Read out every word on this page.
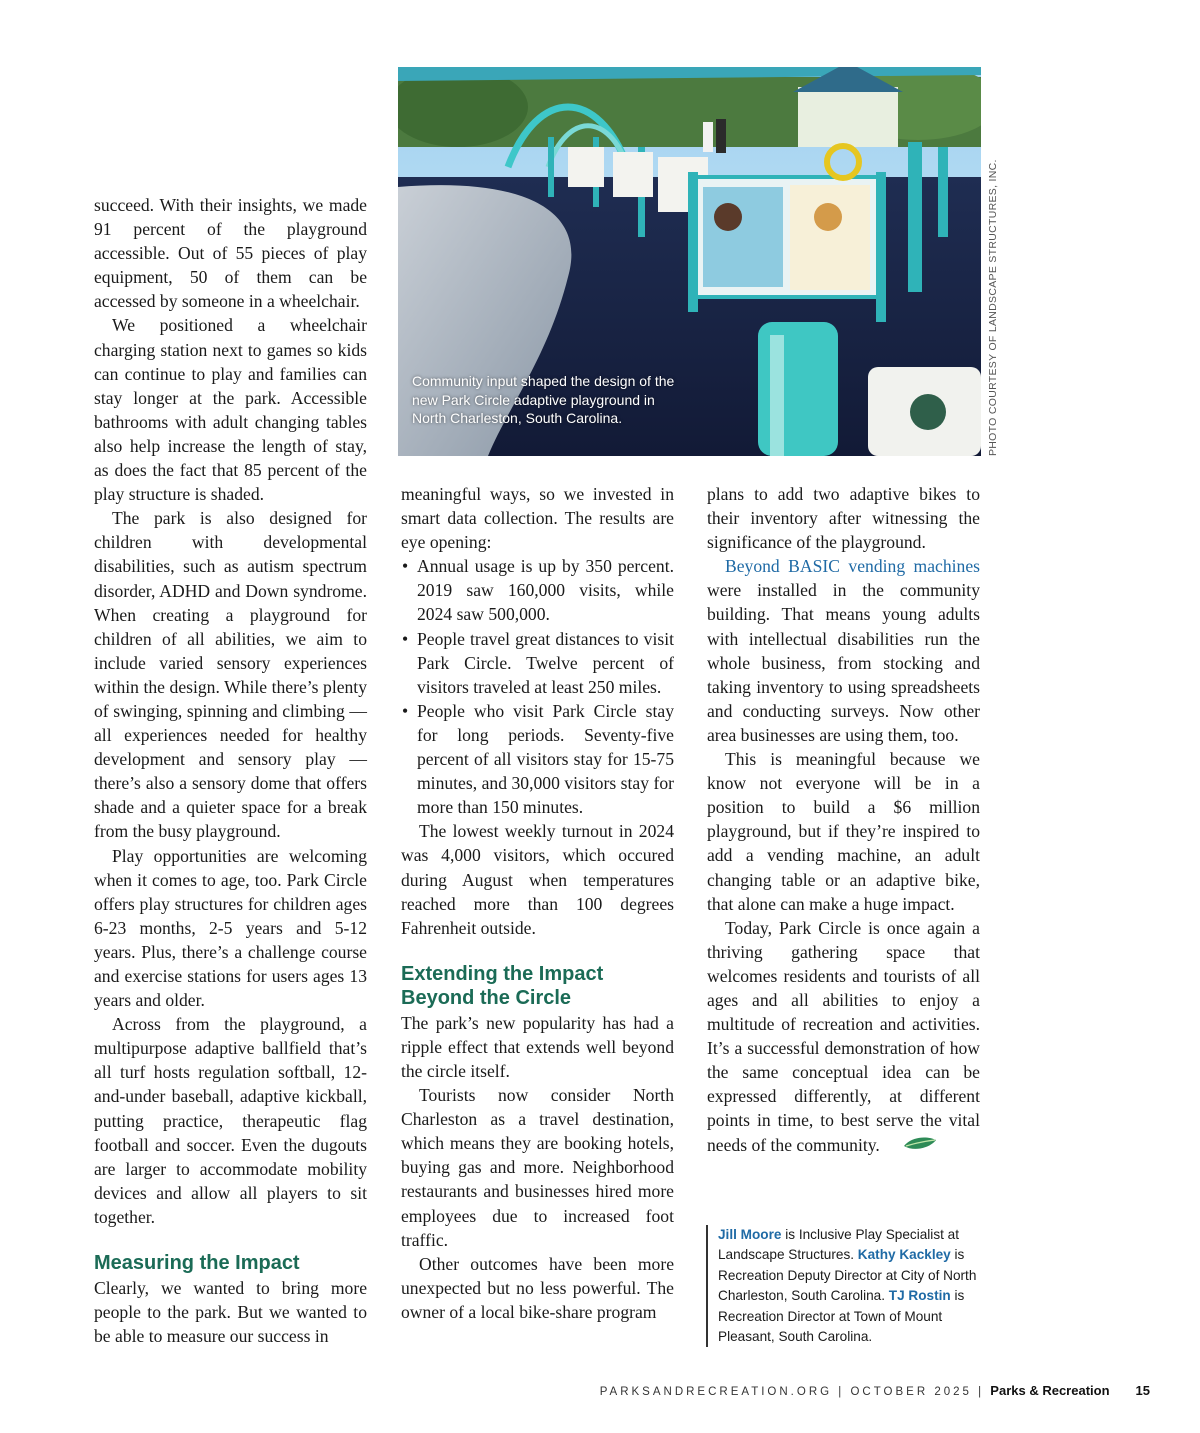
Community input shaped the design of the new Park Circle adaptive playground in North Charleston, South Carolina.	PHOTO COURTESY OF LANDSCAPE STRUCTURES, INC.

succeed. With their insights, we made 91 percent of the playground accessible. Out of 55 pieces of play equipment, 50 of them can be accessed by someone in a wheelchair.

We positioned a wheelchair charging station next to games so kids can continue to play and families can stay longer at the park. Accessible bathrooms with adult changing tables also help increase the length of stay, as does the fact that 85 percent of the play structure is shaded.

The park is also designed for children with developmental disabilities, such as autism spectrum disorder, ADHD and Down syndrome. When creating a playground for children of all abilities, we aim to include varied sensory experiences within the design. While there’s plenty of swinging, spinning and climbing — all experiences needed for healthy development and sensory play — there’s also a sensory dome that offers shade and a quieter space for a break from the busy playground.

Play opportunities are welcoming when it comes to age, too. Park Circle offers play structures for children ages 6-23 months, 2-5 years and 5-12 years. Plus, there’s a challenge course and exercise stations for users ages 13 years and older.

Across from the playground, a multipurpose adaptive ballfield that’s all turf hosts regulation softball, 12-and-under baseball, adaptive kickball, putting practice, therapeutic flag football and soccer. Even the dugouts are larger to accommodate mobility devices and allow all players to sit together.

Measuring the Impact

Clearly, we wanted to bring more people to the park. But we wanted to be able to measure our success in

meaningful ways, so we invested in smart data collection. The results are eye opening:

• Annual usage is up by 350 percent. 2019 saw 160,000 visits, while 2024 saw 500,000.
• People travel great distances to visit Park Circle. Twelve percent of visitors traveled at least 250 miles.
• People who visit Park Circle stay for long periods. Seventy-five percent of all visitors stay for 15-75 minutes, and 30,000 visitors stay for more than 150 minutes.

The lowest weekly turnout in 2024 was 4,000 visitors, which occured during August when temperatures reached more than 100 degrees Fahrenheit outside.

Extending the Impact Beyond the Circle

The park’s new popularity has had a ripple effect that extends well beyond the circle itself.

Tourists now consider North Charleston as a travel destination, which means they are booking hotels, buying gas and more. Neighborhood restaurants and businesses hired more employees due to increased foot traffic.

Other outcomes have been more unexpected but no less powerful. The owner of a local bike-share program

plans to add two adaptive bikes to their inventory after witnessing the significance of the playground.

Beyond BASIC vending machines were installed in the community building. That means young adults with intellectual disabilities run the whole business, from stocking and taking inventory to using spreadsheets and conducting surveys. Now other area businesses are using them, too.

This is meaningful because we know not everyone will be in a position to build a $6 million playground, but if they’re inspired to add a vending machine, an adult changing table or an adaptive bike, that alone can make a huge impact.

Today, Park Circle is once again a thriving gathering space that welcomes residents and tourists of all ages and all abilities to enjoy a multitude of recreation and activities. It’s a successful demonstration of how the same conceptual idea can be expressed differently, at different points in time, to best serve the vital needs of the community.

Jill Moore is Inclusive Play Specialist at Landscape Structures. Kathy Kackley is Recreation Deputy Director at City of North Charleston, South Carolina. TJ Rostin is Recreation Director at Town of Mount Pleasant, South Carolina.
PARKSANDRECREATION.ORG | OCTOBER 2025 | Parks & Recreation 15
